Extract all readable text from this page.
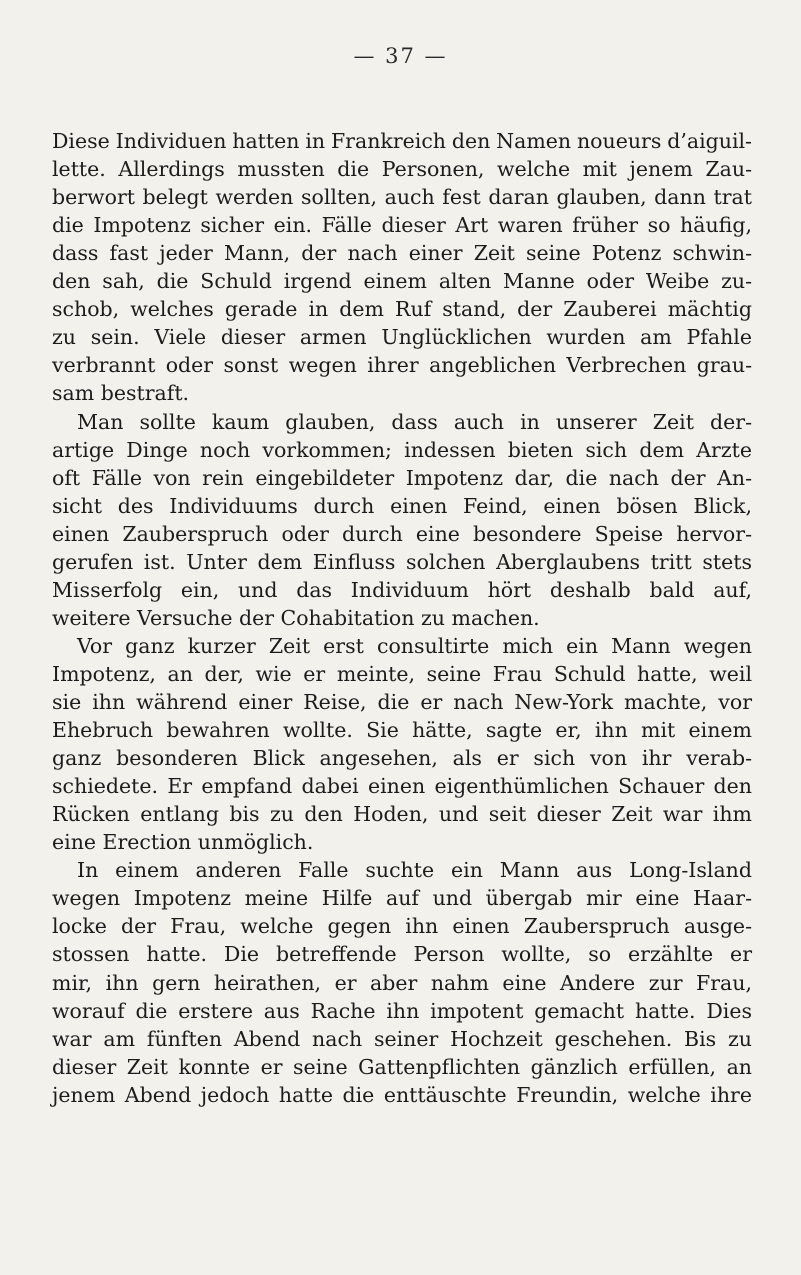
— 37 —
Diese Individuen hatten in Frankreich den Namen noueurs d’aiguil-
lette. Allerdings mussten die Personen, welche mit jenem Zau-
berwort belegt werden sollten, auch fest daran glauben, dann trat
die Impotenz sicher ein. Fälle dieser Art waren früher so häufig,
dass fast jeder Mann, der nach einer Zeit seine Potenz schwin-
den sah, die Schuld irgend einem alten Manne oder Weibe zu-
schob, welches gerade in dem Ruf stand, der Zauberei mächtig
zu sein. Viele dieser armen Unglücklichen wurden am Pfahle
verbrannt oder sonst wegen ihrer angeblichen Verbrechen grau-
sam bestraft.
Man sollte kaum glauben, dass auch in unserer Zeit der-
artige Dinge noch vorkommen; indessen bieten sich dem Arzte
oft Fälle von rein eingebildeter Impotenz dar, die nach der An-
sicht des Individuums durch einen Feind, einen bösen Blick,
einen Zauberspruch oder durch eine besondere Speise hervor-
gerufen ist. Unter dem Einfluss solchen Aberglaubens tritt stets
Misserfolg ein, und das Individuum hört deshalb bald auf,
weitere Versuche der Cohabitation zu machen.
Vor ganz kurzer Zeit erst consultirte mich ein Mann wegen
Impotenz, an der, wie er meinte, seine Frau Schuld hatte, weil
sie ihn während einer Reise, die er nach New-York machte, vor
Ehebruch bewahren wollte. Sie hätte, sagte er, ihn mit einem
ganz besonderen Blick angesehen, als er sich von ihr verab-
schiedete. Er empfand dabei einen eigenthümlichen Schauer den
Rücken entlang bis zu den Hoden, und seit dieser Zeit war ihm
eine Erection unmöglich.
In einem anderen Falle suchte ein Mann aus Long-Island
wegen Impotenz meine Hilfe auf und übergab mir eine Haar-
locke der Frau, welche gegen ihn einen Zauberspruch ausge-
stossen hatte. Die betreffende Person wollte, so erzählte er
mir, ihn gern heirathen, er aber nahm eine Andere zur Frau,
worauf die erstere aus Rache ihn impotent gemacht hatte. Dies
war am fünften Abend nach seiner Hochzeit geschehen. Bis zu
dieser Zeit konnte er seine Gattenpflichten gänzlich erfüllen, an
jenem Abend jedoch hatte die enttäuschte Freundin, welche ihre
